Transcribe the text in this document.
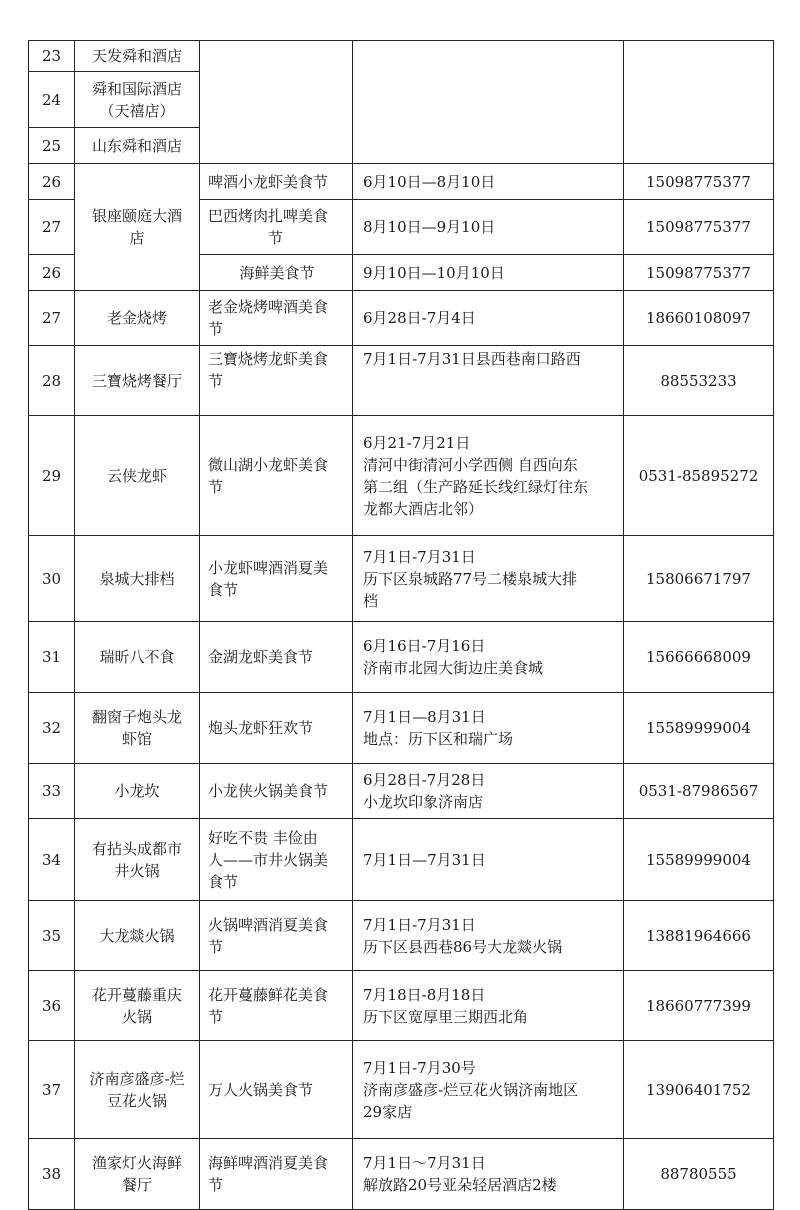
23	天发舜和酒店			
24	舜和国际酒店
（天禧店）			

25	山东舜和酒店			
26	银座颐庭大酒
店	啤酒小龙虾美食节	6月10日—8月10日	15098775377
27		巴西烤肉扎啤美食
节	8月10日—9月10日	15098775377
26		海鲜美食节	9月10日—10月10日	15098775377
27	老金烧烤	老金烧烤啤酒美食
节	6月28日-7月4日	18660108097
28	三寶烧烤餐厅	三寶烧烤龙虾美食
节	7月1日-7月31日县西巷南口路西	88553233
29	云侠龙虾	微山湖小龙虾美食
节	6月21-7月21日
清河中街清河小学西侧 自西向东
第二组（生产路延长线红绿灯往东
龙都大酒店北邻）	0531-85895272
30	泉城大排档	小龙虾啤酒消夏美
食节	7月1日-7月31日
历下区泉城路77号二楼泉城大排
档	15806671797
31	瑞昕八不食	金湖龙虾美食节	6月16日-7月16日
济南市北园大街边庄美食城	15666668009
32	翻窗子炮头龙
虾馆	炮头龙虾狂欢节	7月1日—8月31日
地点：历下区和瑞广场	15589999004
33	小龙坎	小龙侠火锅美食节	6月28日-7月28日
小龙坎印象济南店	0531-87986567
34	有拈头成都市
井火锅	好吃不贵 丰俭由
人——市井火锅美
食节	7月1日—7月31日	15589999004
35	大龙燚火锅	火锅啤酒消夏美食
节	7月1日-7月31日
历下区县西巷86号大龙燚火锅	13881964666
36	花开蔓藤重庆
火锅	花开蔓藤鲜花美食
节	7月18日-8月18日
历下区宽厚里三期西北角	18660777399
37	济南彦盛彦-烂
豆花火锅	万人火锅美食节	7月1日-7月30号
济南彦盛彦-烂豆花火锅济南地区
29家店	13906401752
38	渔家灯火海鲜
餐厅	海鲜啤酒消夏美食
节	7月1日～7月31日
解放路20号亚朵轻居酒店2楼	88780555
